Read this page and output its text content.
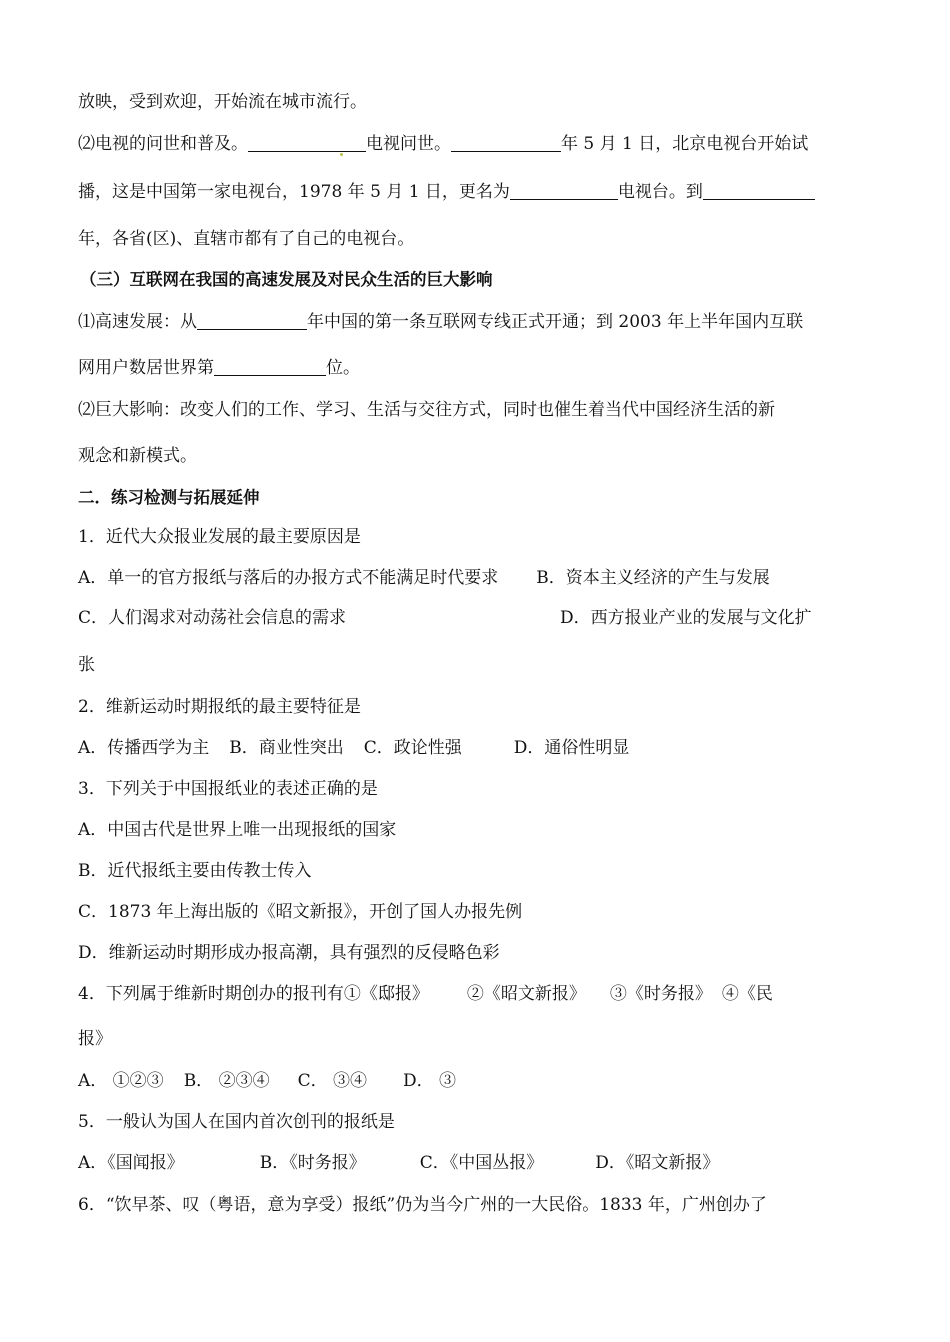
放映，受到欢迎，开始流在城市流行。
⑵电视的问世和普及。	电视问世。	年 5 月 1 日，北京电视台开始试
播，这是中国第一家电视台，1978 年 5 月 1 日，更名为	电视台。到
年，各省(区)、直辖市都有了自己的电视台。
（三）互联网在我国的高速发展及对民众生活的巨大影响
⑴高速发展：从	年中国的第一条互联网专线正式开通；到 2003 年上半年国内互联
网用户数居世界第	位。
⑵巨大影响：改变人们的工作、学习、生活与交往方式，同时也催生着当代中国经济生活的新
观念和新模式。
二．练习检测与拓展延伸
1．近代大众报业发展的最主要原因是
A．单一的官方报纸与落后的办报方式不能满足时代要求 B．资本主义经济的产生与发展
C．人们渴求对动荡社会信息的需求	D．西方报业产业的发展与文化扩
张
2．维新运动时期报纸的最主要特征是
A．传播西学为主 B．商业性突出 C．政论性强	D．通俗性明显
3．下列关于中国报纸业的表述正确的是
A．中国古代是世界上唯一出现报纸的国家
B．近代报纸主要由传教士传入
C．1873 年上海出版的《昭文新报》，开创了国人办报先例
D．维新运动时期形成办报高潮，具有强烈的反侵略色彩
4．下列属于维新时期创办的报刊有①《邸报》 ②《昭文新报》 ③《时务报》 ④《民
报》
A． ①②③ B． ②③④ C． ③④ D． ③
5．一般认为国人在国内首次创刊的报纸是
A．《国闻报》	B．《时务报》	C．《中国丛报》	D．《昭文新报》
6．“饮早茶、叹（粤语，意为享受）报纸”仍为当今广州的一大民俗。1833 年，广州创办了
